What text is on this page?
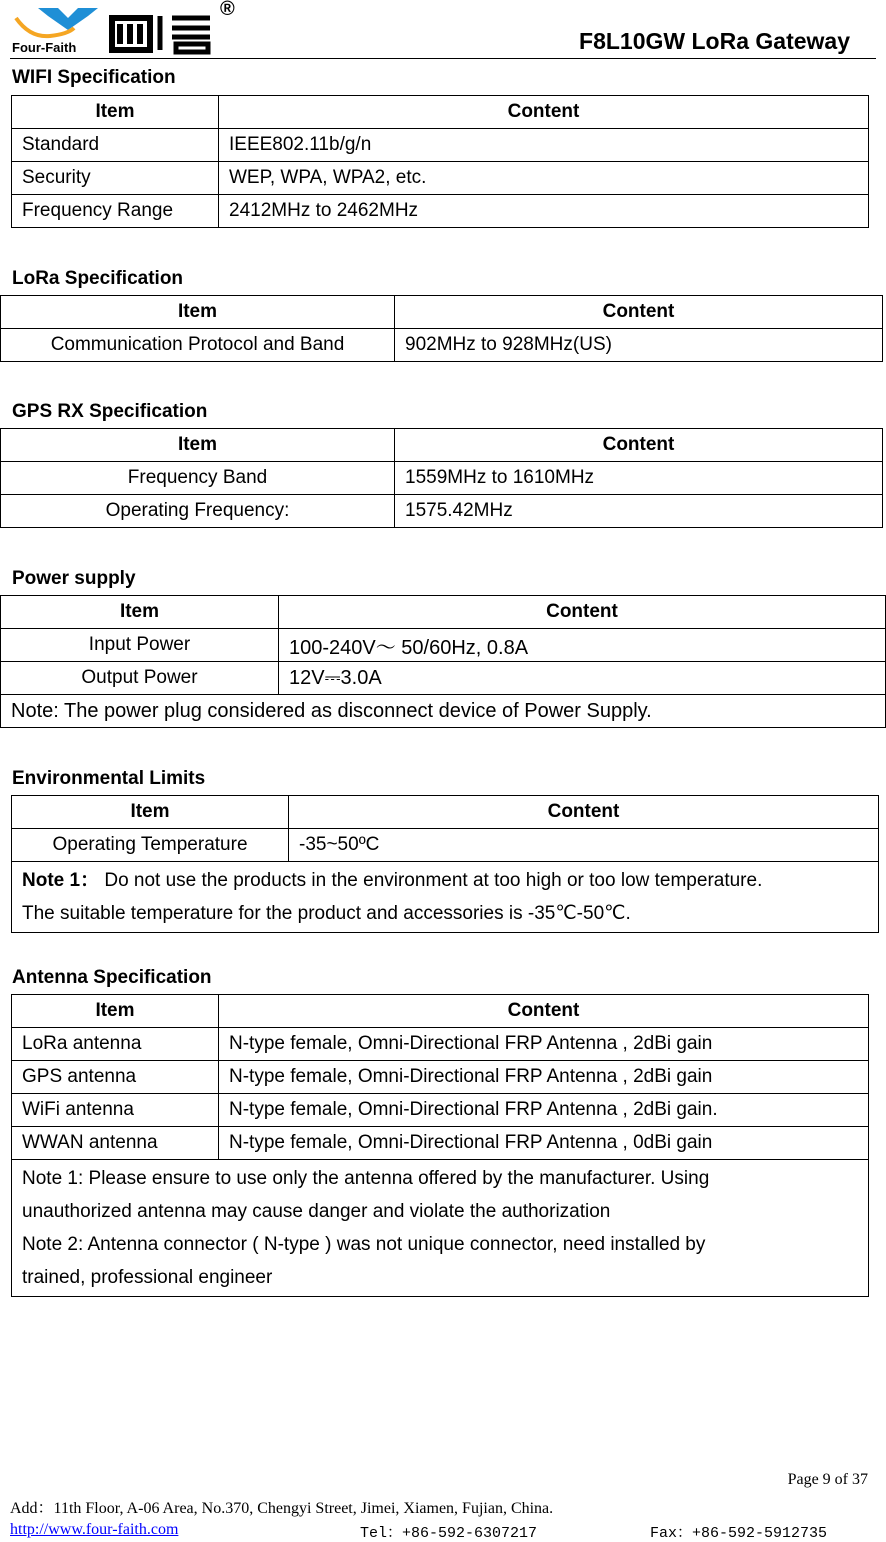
Four-Faith
®
F8L10GW LoRa Gateway
WIFI Specification
Item	Content
Standard	IEEE802.11b/g/n
Security	WEP, WPA, WPA2, etc.
Frequency Range	2412MHz to 2462MHz
LoRa Specification
Item	Content
Communication Protocol and Band	902MHz to 928MHz(US)
GPS RX Specification
Item	Content
Frequency Band	1559MHz to 1610MHz
Operating Frequency:	1575.42MHz
Power supply
Item	Content
Input Power	100-240V～ 50/60Hz, 0.8A
Output Power	12V⎓3.0A
Note: The power plug considered as disconnect device of Power Supply.	
Environmental Limits
Item	Content
Operating Temperature	-35~50ºC
Note 1： Do not use the products in the environment at too high or too low temperature.
The suitable temperature for the product and accessories is -35℃-50℃.	
Antenna Specification
Item	Content
LoRa antenna	N-type female, Omni-Directional FRP Antenna , 2dBi gain
GPS antenna	N-type female, Omni-Directional FRP Antenna , 2dBi gain
WiFi antenna	N-type female, Omni-Directional FRP Antenna , 2dBi gain.
WWAN antenna	N-type female, Omni-Directional FRP Antenna , 0dBi gain
Note 1: Please ensure to use only the antenna offered by the manufacturer. Using
unauthorized antenna may cause danger and violate the authorization
Note 2: Antenna connector ( N-type ) was not unique connector, need installed by
trained, professional engineer	
Page 9 of 37
Add：11th Floor, A-06 Area, No.370, Chengyi Street, Jimei, Xiamen, Fujian, China.
http://www.four-faith.com	Tel：+86-592-6307217	Fax：+86-592-5912735
